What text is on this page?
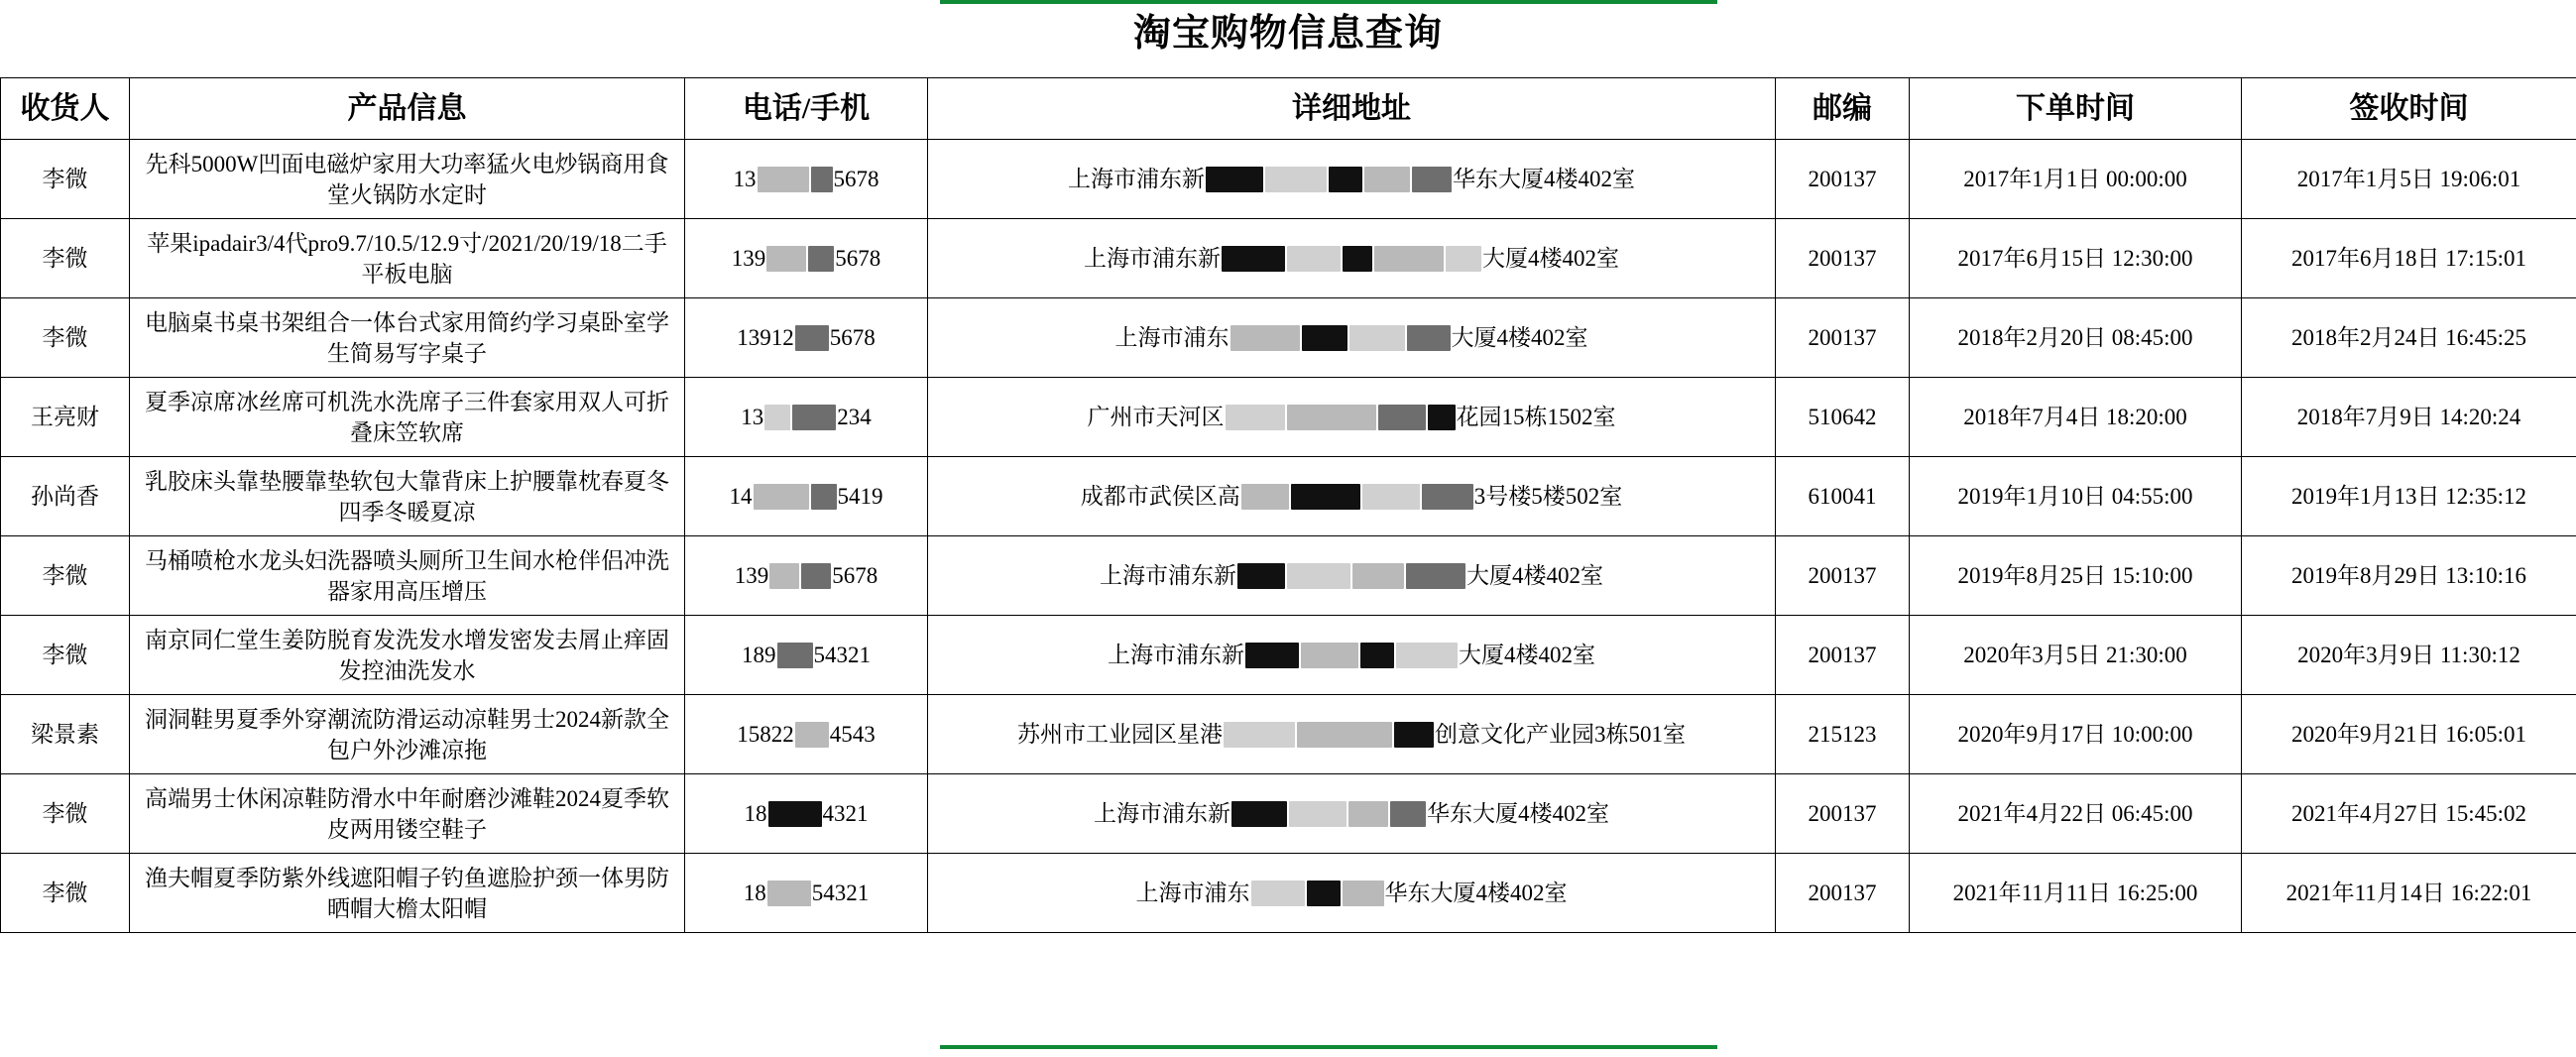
淘宝购物信息查询
收货人	产品信息	电话/手机	详细地址	邮编	下单时间	签收时间
李微	先科5000W凹面电磁炉家用大功率猛火电炒锅商用食堂火锅防水定时	13 5678	上海市浦东新 华东大厦4楼402室	200137	2017年1月1日 00:00:00	2017年1月5日 19:06:01
李微	苹果ipadair3/4代pro9.7/10.5/12.9寸/2021/20/19/18二手平板电脑	139 5678	上海市浦东新 大厦4楼402室	200137	2017年6月15日 12:30:00	2017年6月18日 17:15:01
李微	电脑桌书桌书架组合一体台式家用简约学习桌卧室学生简易写字桌子	13912 5678	上海市浦东 大厦4楼402室	200137	2018年2月20日 08:45:00	2018年2月24日 16:45:25
王亮财	夏季凉席冰丝席可机洗水洗席子三件套家用双人可折叠床笠软席	13 234	广州市天河区 花园15栋1502室	510642	2018年7月4日 18:20:00	2018年7月9日 14:20:24
孙尚香	乳胶床头靠垫腰靠垫软包大靠背床上护腰靠枕春夏冬四季冬暖夏凉	14 5419	成都市武侯区高 3号楼5楼502室	610041	2019年1月10日 04:55:00	2019年1月13日 12:35:12
李微	马桶喷枪水龙头妇洗器喷头厕所卫生间水枪伴侣冲洗器家用高压增压	139 5678	上海市浦东新 大厦4楼402室	200137	2019年8月25日 15:10:00	2019年8月29日 13:10:16
李微	南京同仁堂生姜防脱育发洗发水增发密发去屑止痒固发控油洗发水	189 54321	上海市浦东新 大厦4楼402室	200137	2020年3月5日 21:30:00	2020年3月9日 11:30:12
梁景素	洞洞鞋男夏季外穿潮流防滑运动凉鞋男士2024新款全包户外沙滩凉拖	15822 4543	苏州市工业园区星港 创意文化产业园3栋501室	215123	2020年9月17日 10:00:00	2020年9月21日 16:05:01
李微	高端男士休闲凉鞋防滑水中年耐磨沙滩鞋2024夏季软皮两用镂空鞋子	18 4321	上海市浦东新 华东大厦4楼402室	200137	2021年4月22日 06:45:00	2021年4月27日 15:45:02
李微	渔夫帽夏季防紫外线遮阳帽子钓鱼遮脸护颈一体男防晒帽大檐太阳帽	18 54321	上海市浦东 华东大厦4楼402室	200137	2021年11月11日 16:25:00	2021年11月14日 16:22:01
